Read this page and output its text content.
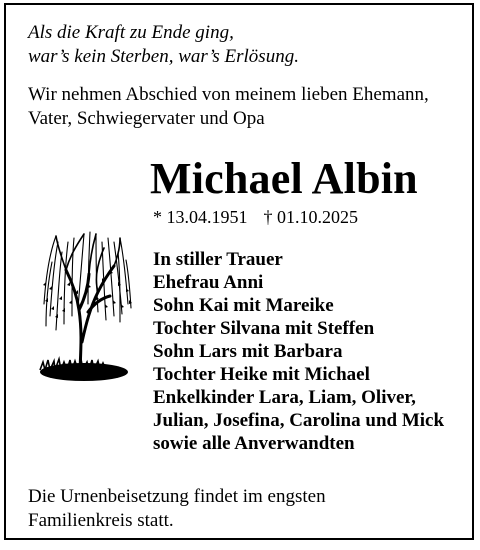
Als die Kraft zu Ende ging,
war’s kein Sterben, war’s Erlösung.
Wir nehmen Abschied von meinem lieben Ehemann,
Vater, Schwiegervater und Opa
Michael Albin
* 13.04.1951 † 01.10.2025
In stiller Trauer
Ehefrau Anni
Sohn Kai mit Mareike
Tochter Silvana mit Steffen
Sohn Lars mit Barbara
Tochter Heike mit Michael
Enkelkinder Lara, Liam, Oliver,
Julian, Josefina, Carolina und Mick
sowie alle Anverwandten
Die Urnenbeisetzung findet im engsten
Familienkreis statt.
